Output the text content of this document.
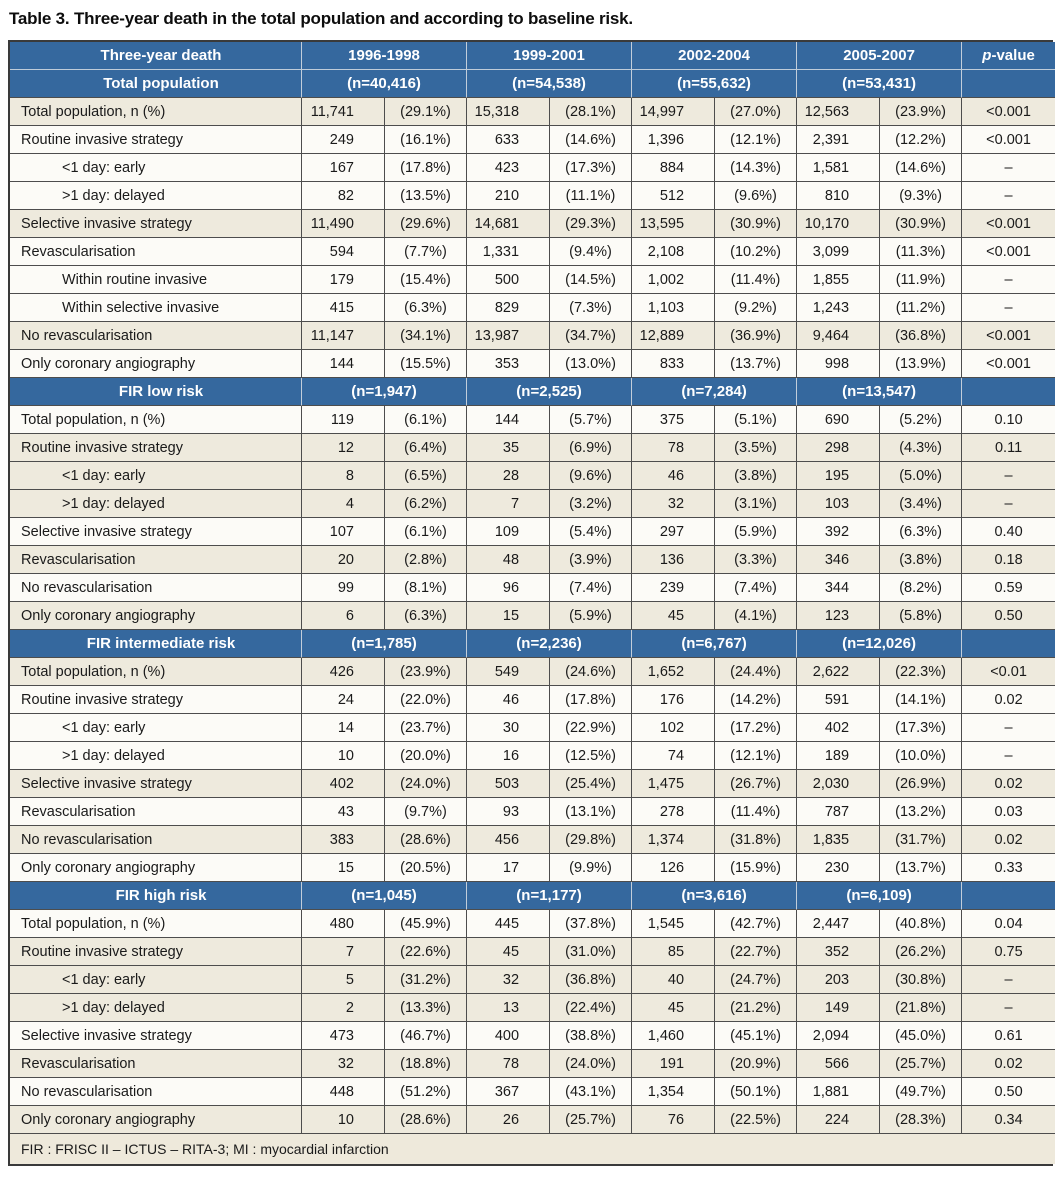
Table 3. Three-year death in the total population and according to baseline risk.
Three-year death	1996-1998		1999-2001		2002-2004		2005-2007		p-value
Total population	(n=40,416)		(n=54,538)		(n=55,632)		(n=53,431)		
Total population, n (%)	11,741	(29.1%)	15,318	(28.1%)	14,997	(27.0%)	12,563	(23.9%)	<0.001
Routine invasive strategy	249	(16.1%)	633	(14.6%)	1,396	(12.1%)	2,391	(12.2%)	<0.001
<1 day: early	167	(17.8%)	423	(17.3%)	884	(14.3%)	1,581	(14.6%)	–
>1 day: delayed	82	(13.5%)	210	(11.1%)	512	(9.6%)	810	(9.3%)	–
Selective invasive strategy	11,490	(29.6%)	14,681	(29.3%)	13,595	(30.9%)	10,170	(30.9%)	<0.001
Revascularisation	594	(7.7%)	1,331	(9.4%)	2,108	(10.2%)	3,099	(11.3%)	<0.001
Within routine invasive	179	(15.4%)	500	(14.5%)	1,002	(11.4%)	1,855	(11.9%)	–
Within selective invasive	415	(6.3%)	829	(7.3%)	1,103	(9.2%)	1,243	(11.2%)	–
No revascularisation	11,147	(34.1%)	13,987	(34.7%)	12,889	(36.9%)	9,464	(36.8%)	<0.001
Only coronary angiography	144	(15.5%)	353	(13.0%)	833	(13.7%)	998	(13.9%)	<0.001
FIR low risk	(n=1,947)		(n=2,525)		(n=7,284)		(n=13,547)		
Total population, n (%)	119	(6.1%)	144	(5.7%)	375	(5.1%)	690	(5.2%)	0.10
Routine invasive strategy	12	(6.4%)	35	(6.9%)	78	(3.5%)	298	(4.3%)	0.11
<1 day: early	8	(6.5%)	28	(9.6%)	46	(3.8%)	195	(5.0%)	–
>1 day: delayed	4	(6.2%)	7	(3.2%)	32	(3.1%)	103	(3.4%)	–
Selective invasive strategy	107	(6.1%)	109	(5.4%)	297	(5.9%)	392	(6.3%)	0.40
Revascularisation	20	(2.8%)	48	(3.9%)	136	(3.3%)	346	(3.8%)	0.18
No revascularisation	99	(8.1%)	96	(7.4%)	239	(7.4%)	344	(8.2%)	0.59
Only coronary angiography	6	(6.3%)	15	(5.9%)	45	(4.1%)	123	(5.8%)	0.50
FIR intermediate risk	(n=1,785)		(n=2,236)		(n=6,767)		(n=12,026)		
Total population, n (%)	426	(23.9%)	549	(24.6%)	1,652	(24.4%)	2,622	(22.3%)	<0.01
Routine invasive strategy	24	(22.0%)	46	(17.8%)	176	(14.2%)	591	(14.1%)	0.02
<1 day: early	14	(23.7%)	30	(22.9%)	102	(17.2%)	402	(17.3%)	–
>1 day: delayed	10	(20.0%)	16	(12.5%)	74	(12.1%)	189	(10.0%)	–
Selective invasive strategy	402	(24.0%)	503	(25.4%)	1,475	(26.7%)	2,030	(26.9%)	0.02
Revascularisation	43	(9.7%)	93	(13.1%)	278	(11.4%)	787	(13.2%)	0.03
No revascularisation	383	(28.6%)	456	(29.8%)	1,374	(31.8%)	1,835	(31.7%)	0.02
Only coronary angiography	15	(20.5%)	17	(9.9%)	126	(15.9%)	230	(13.7%)	0.33
FIR high risk	(n=1,045)		(n=1,177)		(n=3,616)		(n=6,109)		
Total population, n (%)	480	(45.9%)	445	(37.8%)	1,545	(42.7%)	2,447	(40.8%)	0.04
Routine invasive strategy	7	(22.6%)	45	(31.0%)	85	(22.7%)	352	(26.2%)	0.75
<1 day: early	5	(31.2%)	32	(36.8%)	40	(24.7%)	203	(30.8%)	–
>1 day: delayed	2	(13.3%)	13	(22.4%)	45	(21.2%)	149	(21.8%)	–
Selective invasive strategy	473	(46.7%)	400	(38.8%)	1,460	(45.1%)	2,094	(45.0%)	0.61
Revascularisation	32	(18.8%)	78	(24.0%)	191	(20.9%)	566	(25.7%)	0.02
No revascularisation	448	(51.2%)	367	(43.1%)	1,354	(50.1%)	1,881	(49.7%)	0.50
Only coronary angiography	10	(28.6%)	26	(25.7%)	76	(22.5%)	224	(28.3%)	0.34
FIR : FRISC II – ICTUS – RITA-3; MI : myocardial infarction									
